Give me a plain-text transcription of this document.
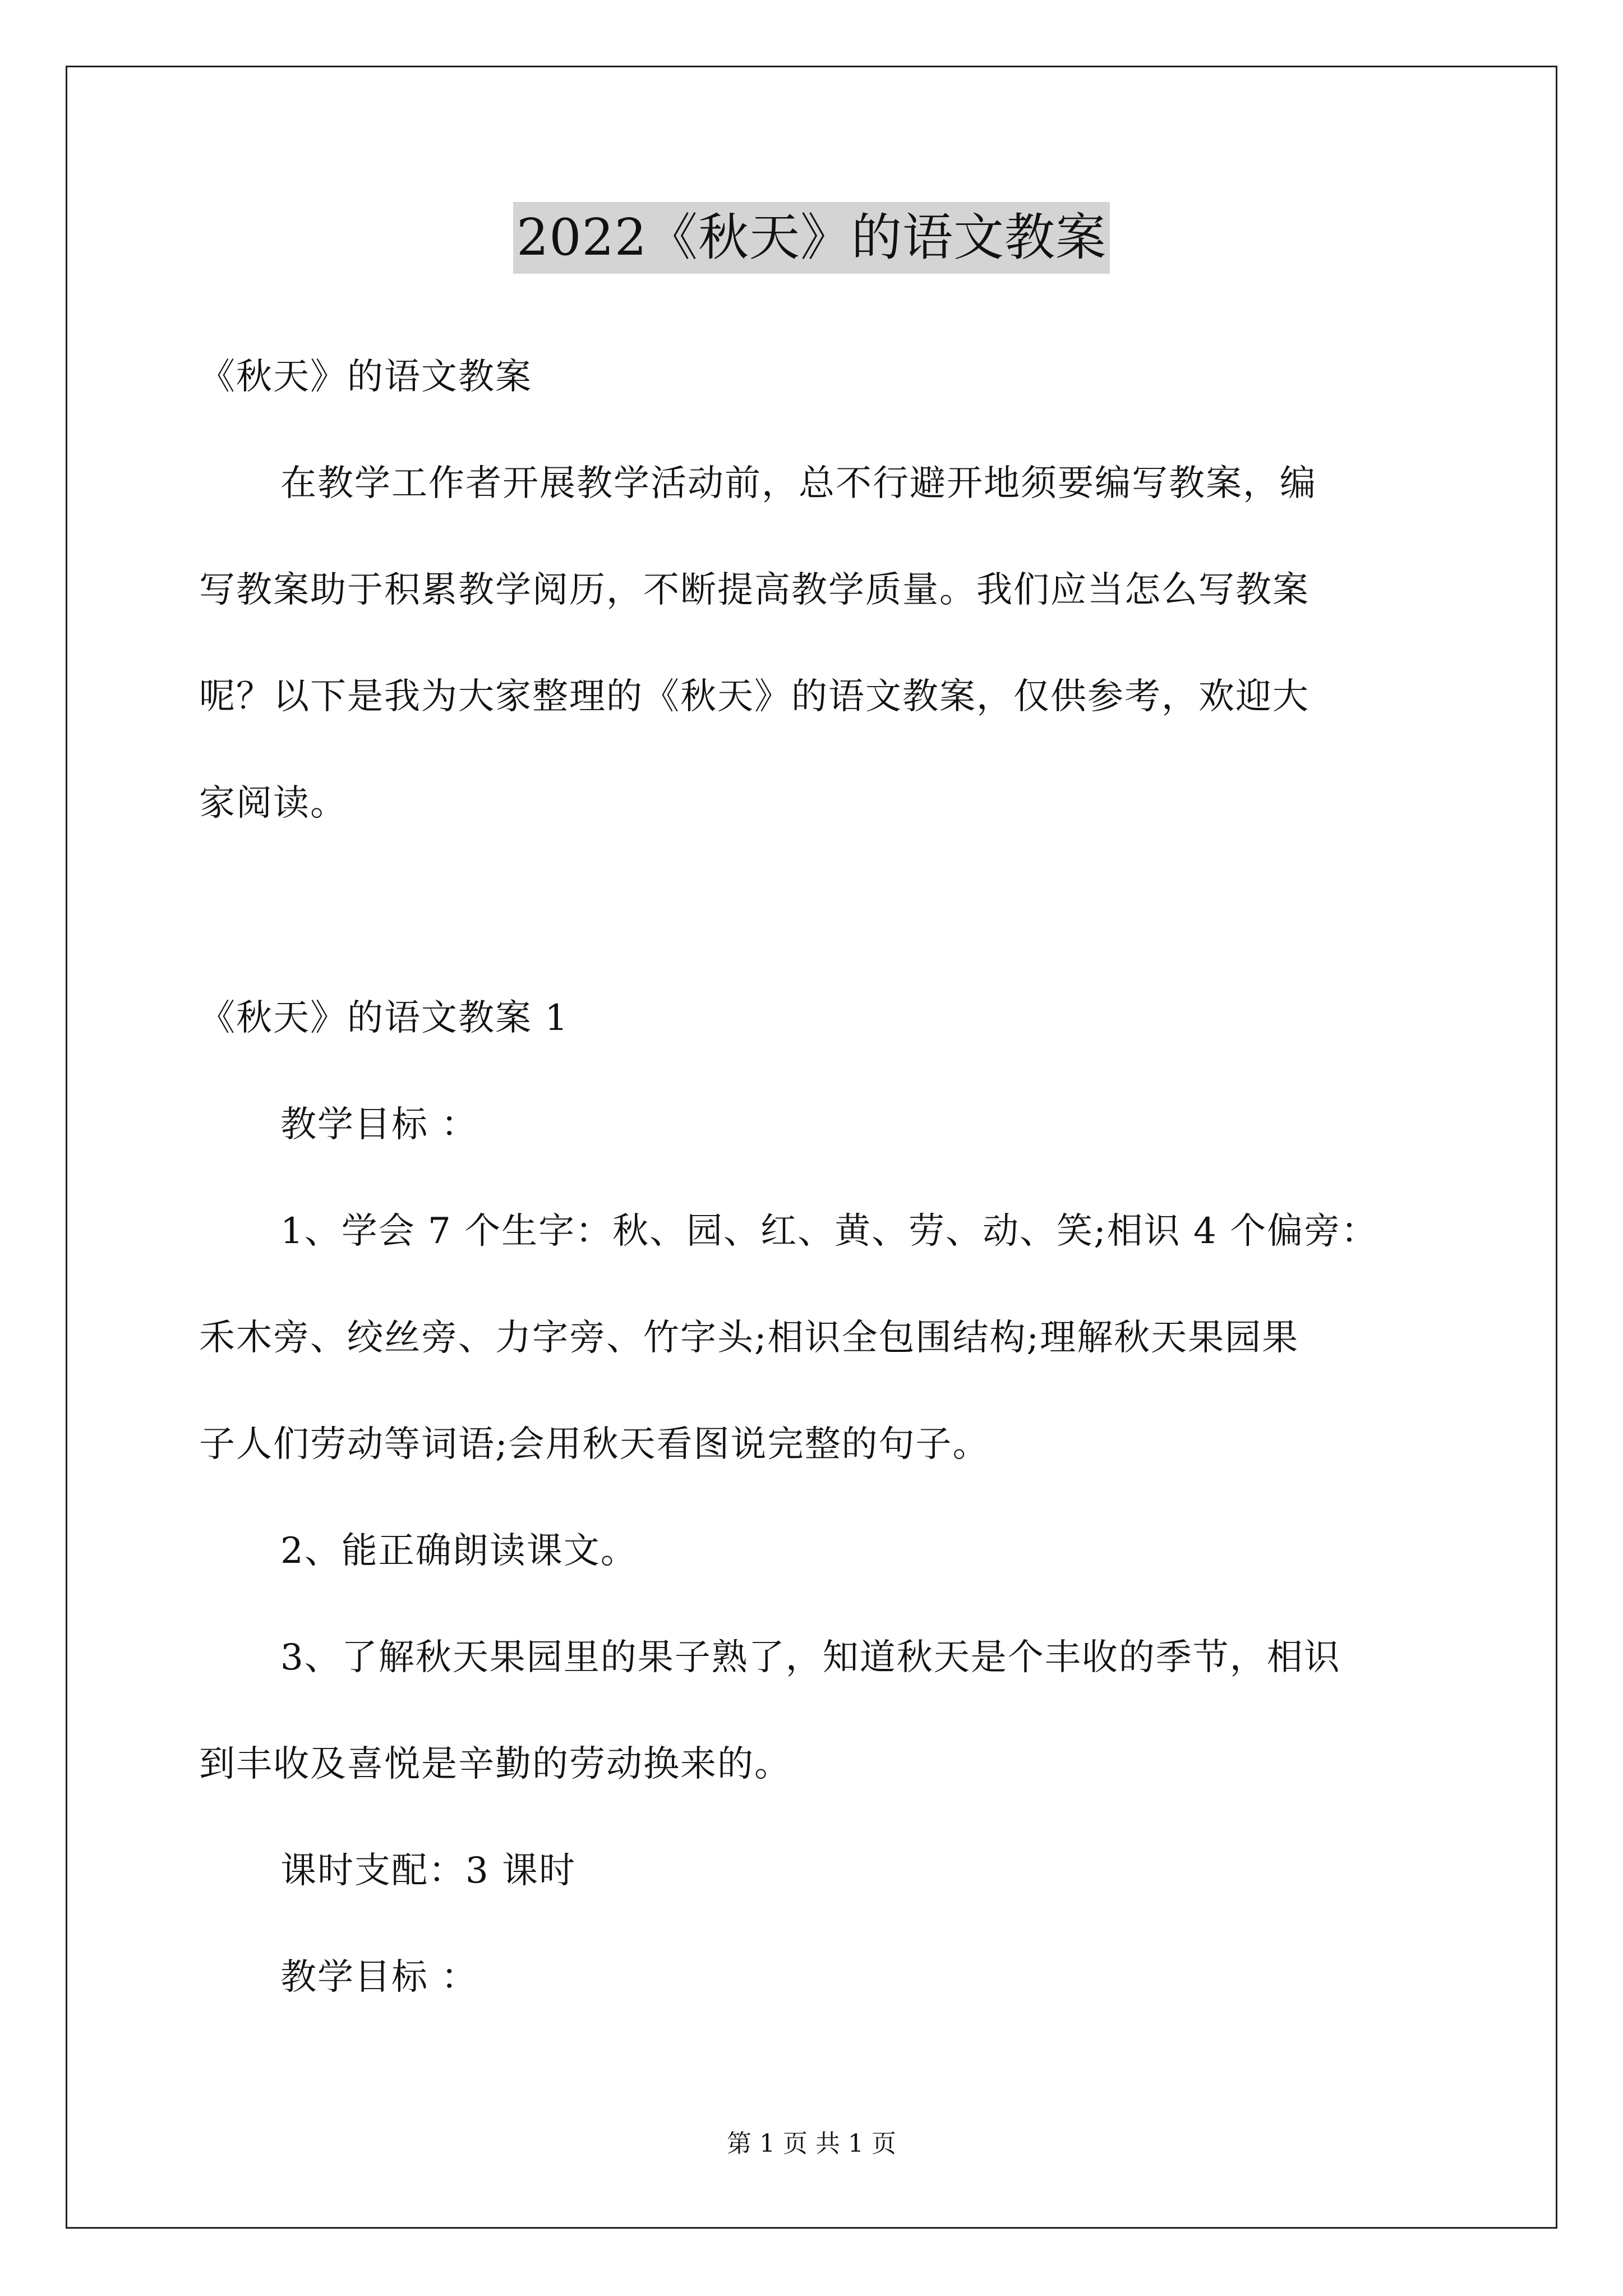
2022《秋天》的语文教案
《秋天》的语文教案
在教学工作者开展教学活动前，总不行避开地须要编写教案，编
写教案助于积累教学阅历，不断提高教学质量。我们应当怎么写教案
呢？以下是我为大家整理的《秋天》的语文教案，仅供参考，欢迎大
家阅读。
《秋天》的语文教案 1
教学目标 ：
1、学会 7 个生字：秋、园、红、黄、劳、动、笑;相识 4 个偏旁：
禾木旁、绞丝旁、力字旁、竹字头;相识全包围结构;理解秋天果园果
子人们劳动等词语;会用秋天看图说完整的句子。
2、能正确朗读课文。
3、了解秋天果园里的果子熟了，知道秋天是个丰收的季节，相识
到丰收及喜悦是辛勤的劳动换来的。
课时支配：3 课时
教学目标 ：
第 1 页 共 1 页
